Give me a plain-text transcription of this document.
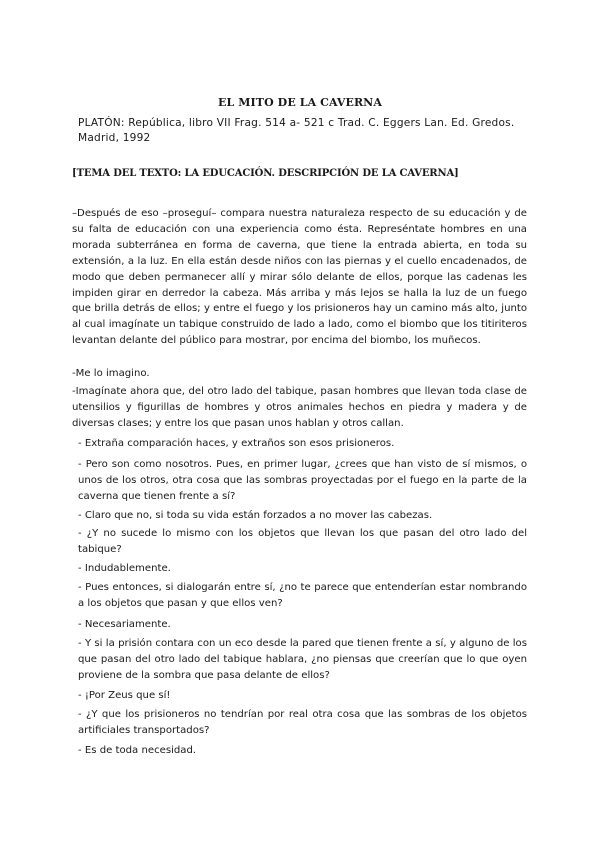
EL MITO DE LA CAVERNA
PLATÓN: República, libro VII Frag. 514 a- 521 c Trad. C. Eggers Lan. Ed. Gredos. Madrid, 1992
[TEMA DEL TEXTO: LA EDUCACIÓN. DESCRIPCIÓN DE LA CAVERNA]
–Después de eso –proseguí– compara nuestra naturaleza respecto de su educación y de su falta de educación con una experiencia como ésta. Represéntate hombres en una morada subterránea en forma de caverna, que tiene la entrada abierta, en toda su extensión, a la luz. En ella están desde niños con las piernas y el cuello encadenados, de modo que deben permanecer allí y mirar sólo delante de ellos, porque las cadenas les impiden girar en derredor la cabeza. Más arriba y más lejos se halla la luz de un fuego que brilla detrás de ellos; y entre el fuego y los prisioneros hay un camino más alto, junto al cual imagínate un tabique construido de lado a lado, como el biombo que los titiriteros levantan delante del público para mostrar, por encima del biombo, los muñecos.
-Me lo imagino.
-Imagínate ahora que, del otro lado del tabique, pasan hombres que llevan toda clase de utensilios y figurillas de hombres y otros animales hechos en piedra y madera y de diversas clases; y entre los que pasan unos hablan y otros callan.
- Extraña comparación haces, y extraños son esos prisioneros.
- Pero son como nosotros. Pues, en primer lugar, ¿crees que han visto de sí mismos, o unos de los otros, otra cosa que las sombras proyectadas por el fuego en la parte de la caverna que tienen frente a sí?
- Claro que no, si toda su vida están forzados a no mover las cabezas.
- ¿Y no sucede lo mismo con los objetos que llevan los que pasan del otro lado del tabique?
- Indudablemente.
- Pues entonces, si dialogarán entre sí, ¿no te parece que entenderían estar nombrando a los objetos que pasan y que ellos ven?
- Necesariamente.
- Y si la prisión contara con un eco desde la pared que tienen frente a sí, y alguno de los que pasan del otro lado del tabique hablara, ¿no piensas que creerían que lo que oyen proviene de la sombra que pasa delante de ellos?
- ¡Por Zeus que sí!
- ¿Y que los prisioneros no tendrían por real otra cosa que las sombras de los objetos artificiales transportados?
- Es de toda necesidad.
